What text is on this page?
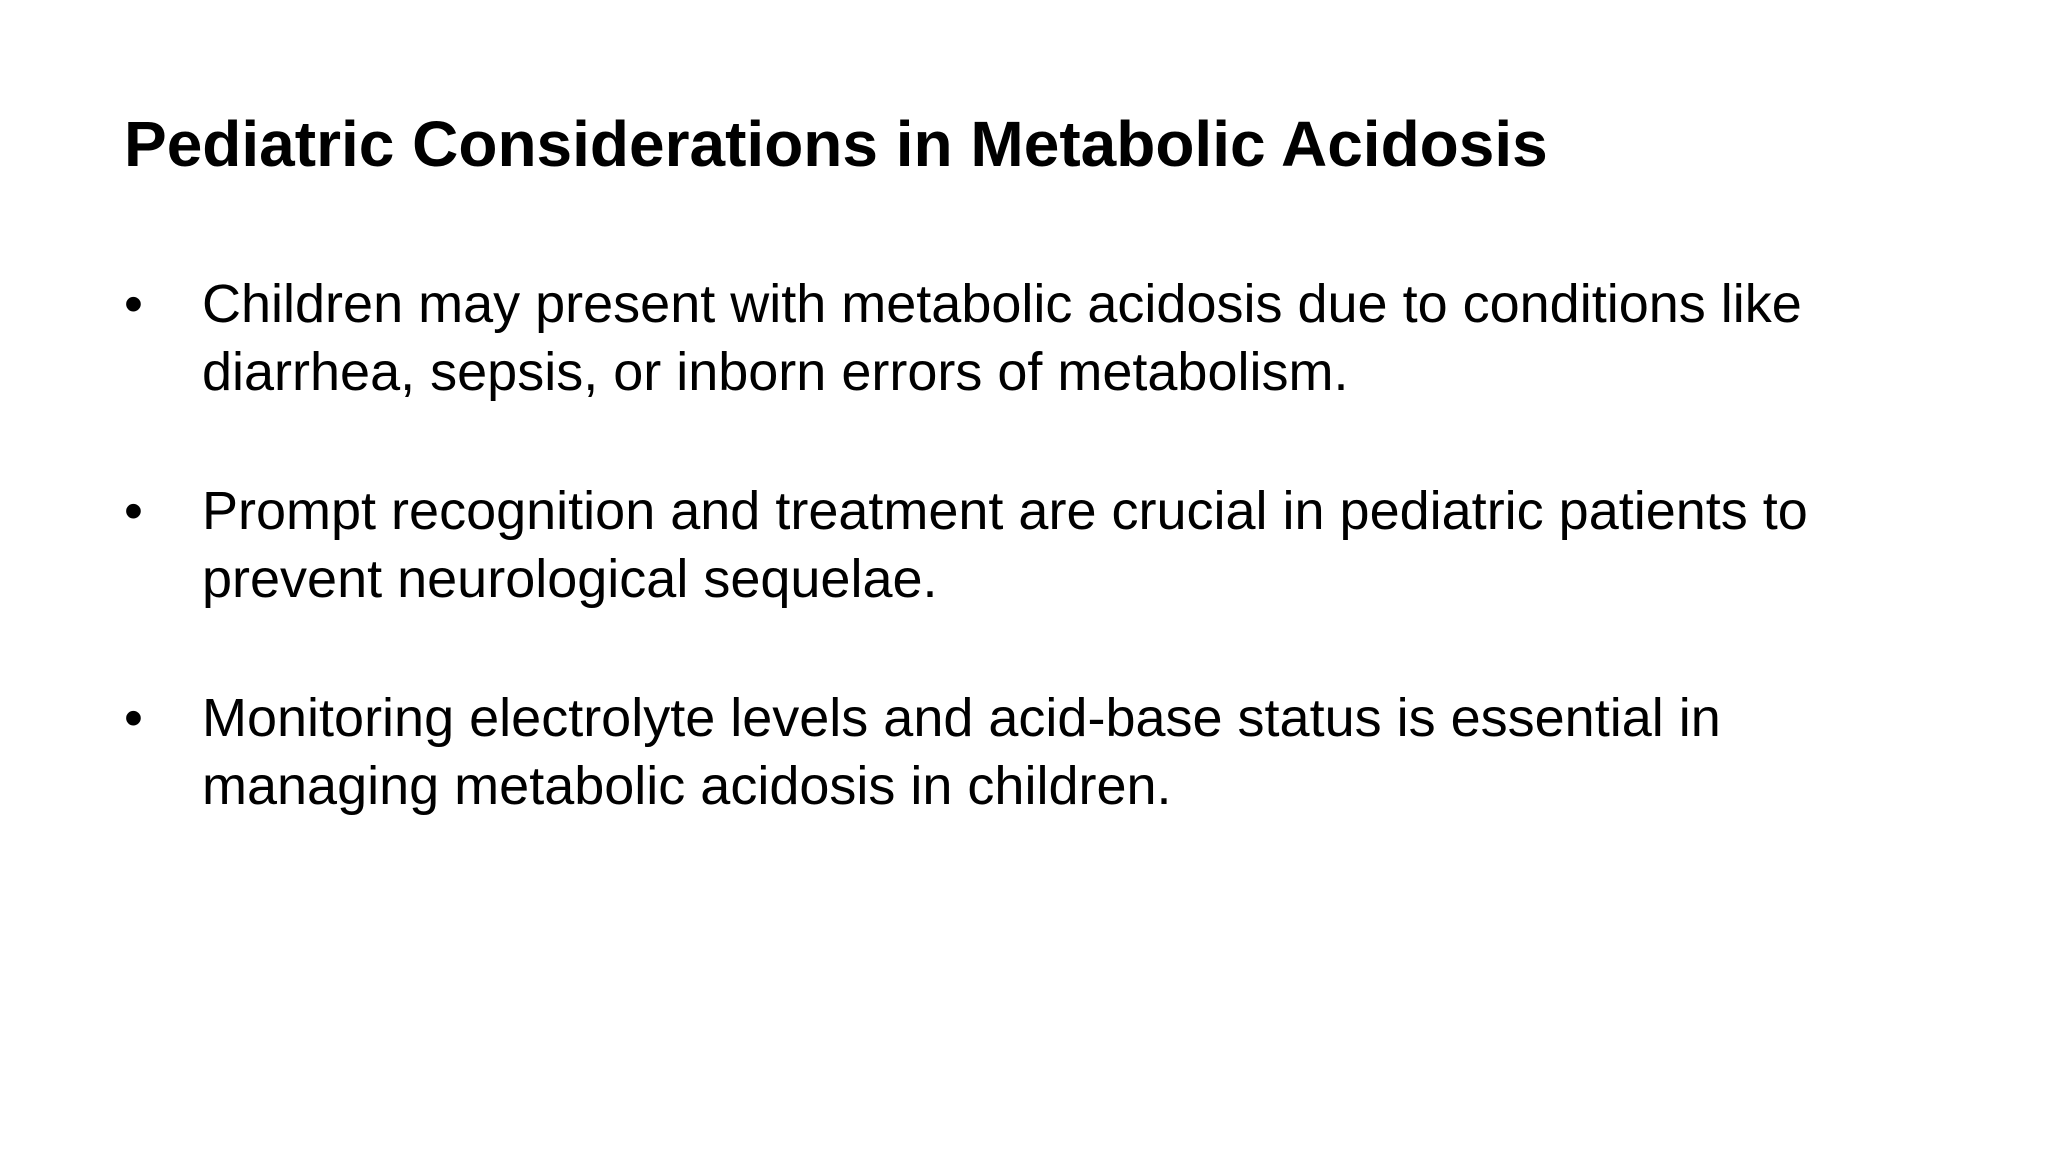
Pediatric Considerations in Metabolic Acidosis
•	Children may present with metabolic acidosis due to conditions like diarrhea, sepsis, or inborn errors of metabolism.
•	Prompt recognition and treatment are crucial in pediatric patients to prevent neurological sequelae.
•	Monitoring electrolyte levels and acid-base status is essential in managing metabolic acidosis in children.
